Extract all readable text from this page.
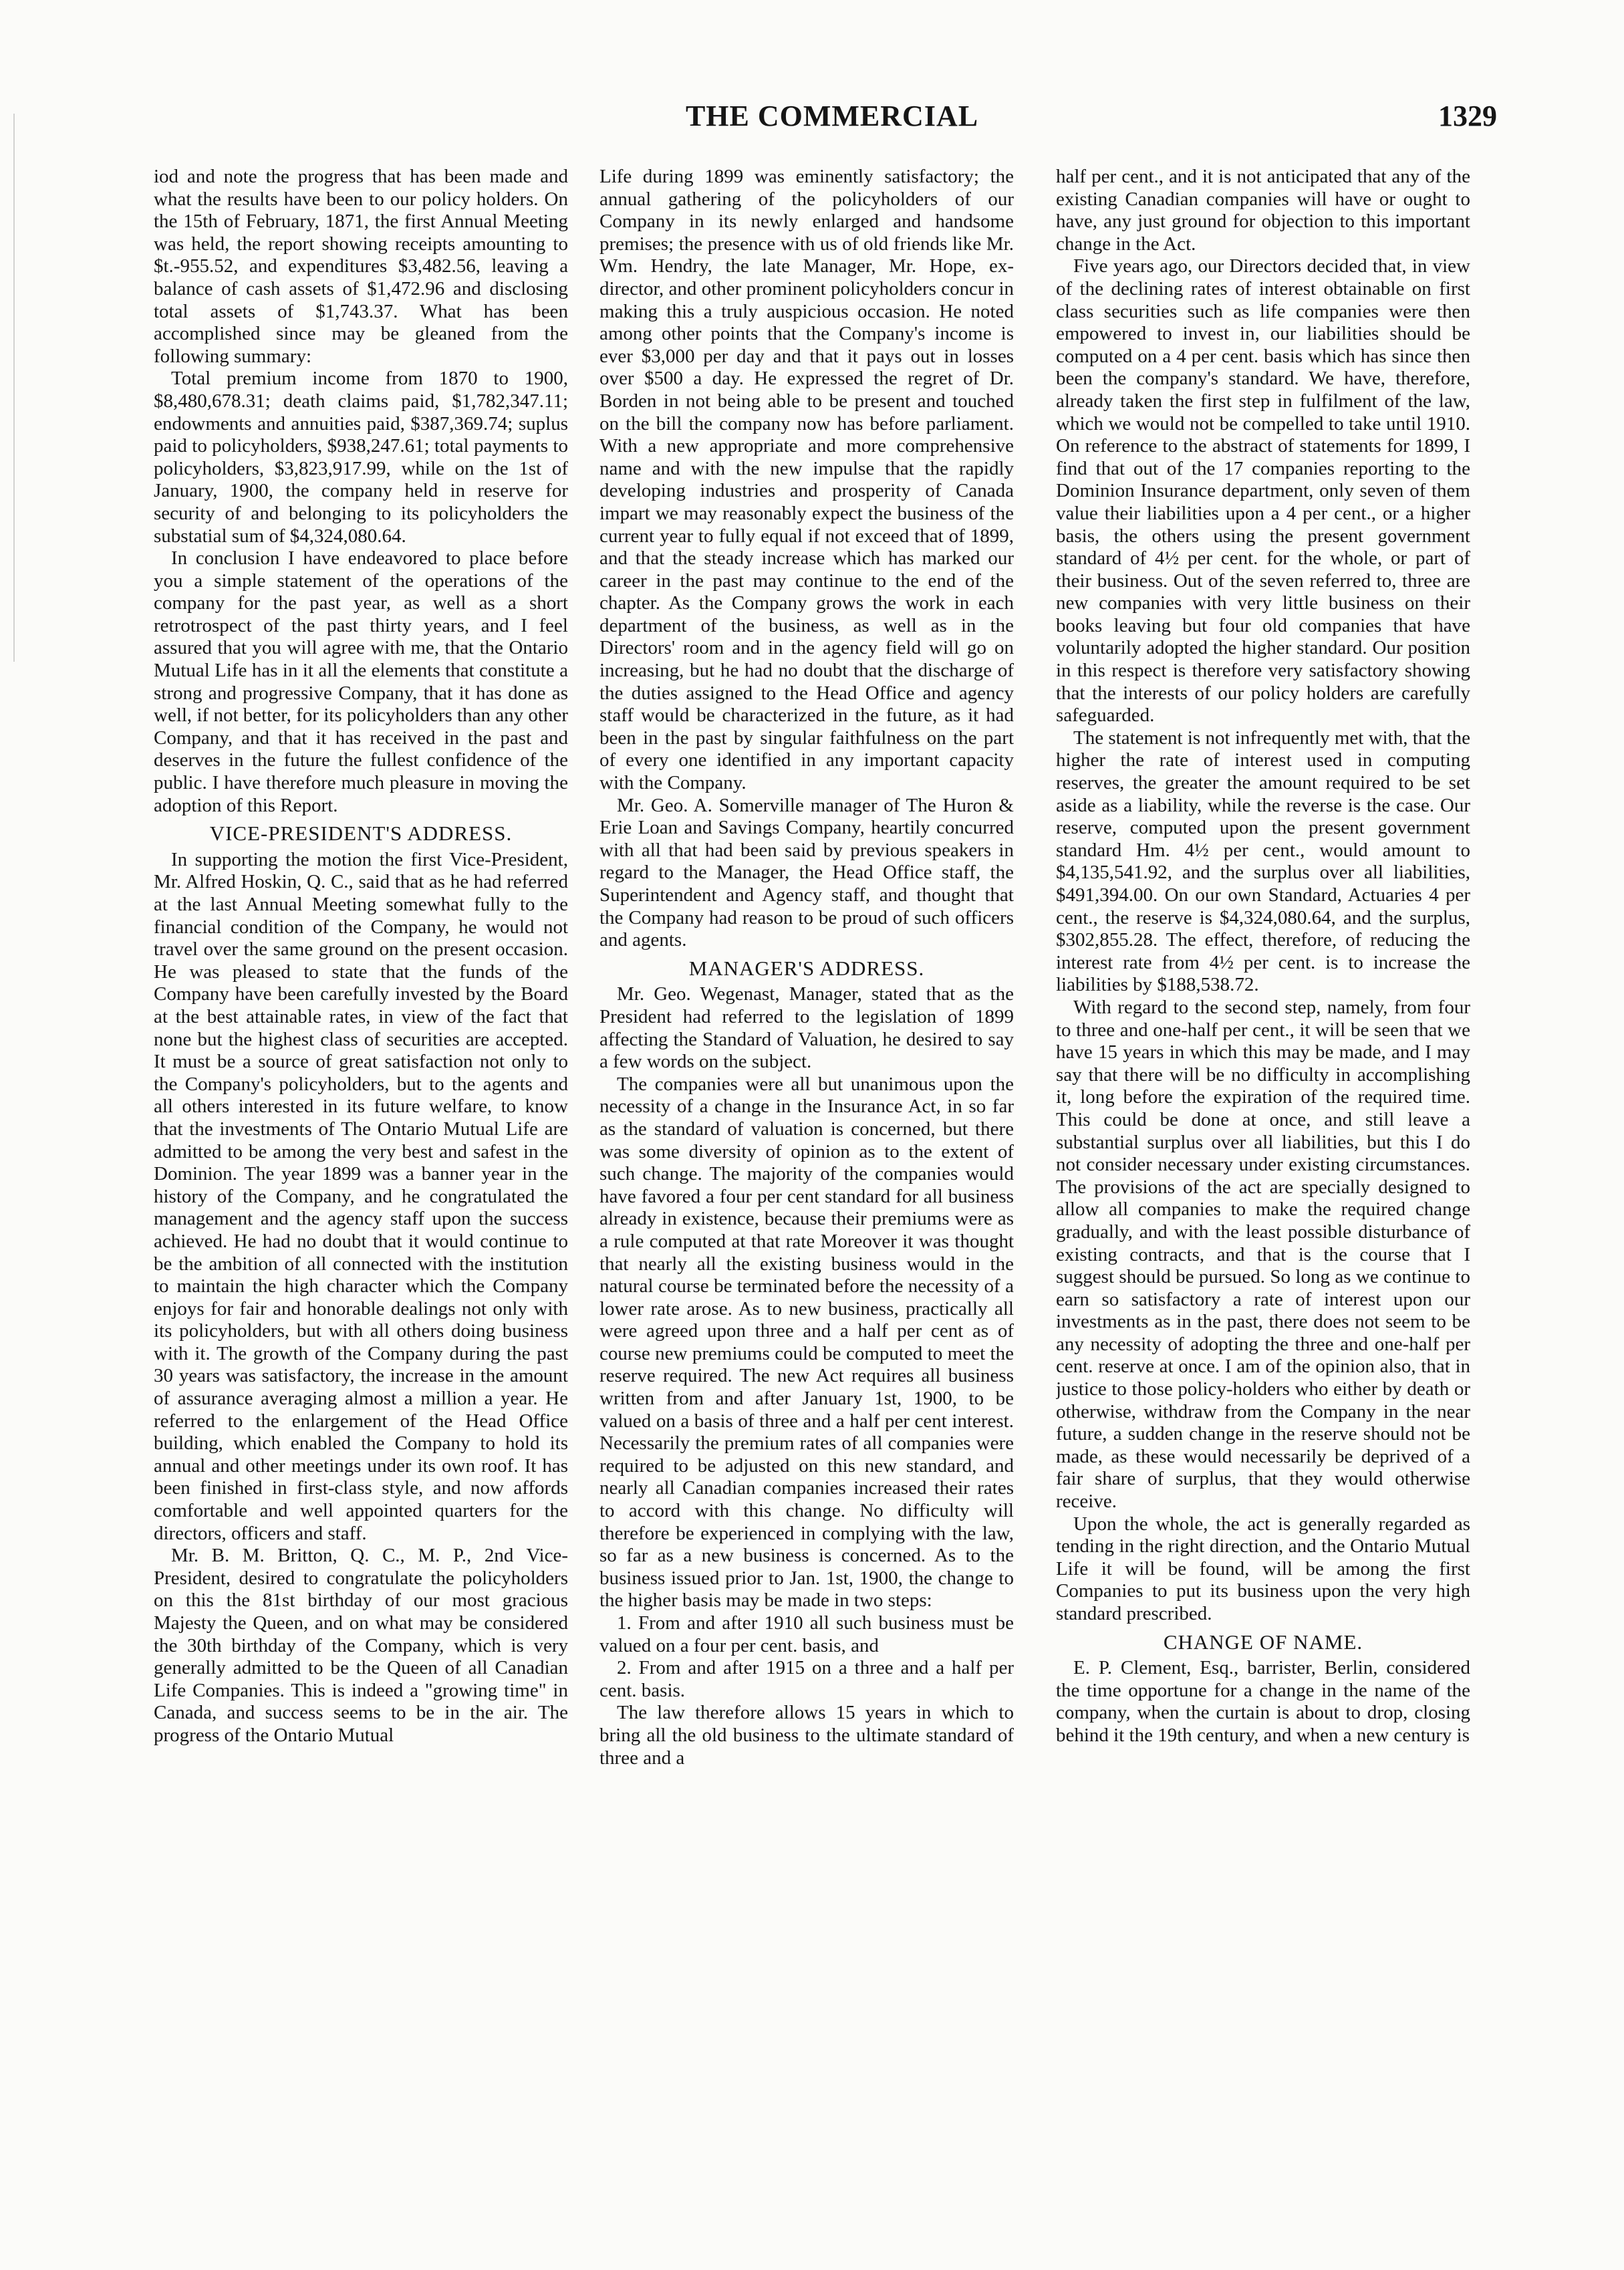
THE COMMERCIAL	1329

iod and note the progress that has been made and what the results have been to our policy holders. On the 15th of February, 1871, the first Annual Meeting was held, the report showing receipts amounting to $t.-955.52, and expenditures $3,482.56, leaving a balance of cash assets of $1,472.96 and disclosing total assets of $1,743.37. What has been accomplished since may be gleaned from the following summary:

Total premium income from 1870 to 1900, $8,480,678.31; death claims paid, $1,782,347.11; endowments and annuities paid, $387,369.74; suplus paid to policyholders, $938,247.61; total payments to policyholders, $3,823,917.99, while on the 1st of January, 1900, the company held in reserve for security of and belonging to its policyholders the substatial sum of $4,324,080.64.

In conclusion I have endeavored to place before you a simple statement of the operations of the company for the past year, as well as a short retrotrospect of the past thirty years, and I feel assured that you will agree with me, that the Ontario Mutual Life has in it all the elements that constitute a strong and progressive Company, that it has done as well, if not better, for its policyholders than any other Company, and that it has received in the past and deserves in the future the fullest confidence of the public. I have therefore much pleasure in moving the adoption of this Report.

VICE-PRESIDENT'S ADDRESS.

In supporting the motion the first Vice-President, Mr. Alfred Hoskin, Q. C., said that as he had referred at the last Annual Meeting somewhat fully to the financial condition of the Company, he would not travel over the same ground on the present occasion. He was pleased to state that the funds of the Company have been carefully invested by the Board at the best attainable rates, in view of the fact that none but the highest class of securities are accepted. It must be a source of great satisfaction not only to the Company's policyholders, but to the agents and all others interested in its future welfare, to know that the investments of The Ontario Mutual Life are admitted to be among the very best and safest in the Dominion. The year 1899 was a banner year in the history of the Company, and he congratulated the management and the agency staff upon the success achieved. He had no doubt that it would continue to be the ambition of all connected with the institution to maintain the high character which the Company enjoys for fair and honorable dealings not only with its policyholders, but with all others doing business with it. The growth of the Company during the past 30 years was satisfactory, the increase in the amount of assurance averaging almost a million a year. He referred to the enlargement of the Head Office building, which enabled the Company to hold its annual and other meetings under its own roof. It has been finished in first-class style, and now affords comfortable and well appointed quarters for the directors, officers and staff.

Mr. B. M. Britton, Q. C., M. P., 2nd Vice-President, desired to congratulate the policyholders on this the 81st birthday of our most gracious Majesty the Queen, and on what may be considered the 30th birthday of the Company, which is very generally admitted to be the Queen of all Canadian Life Companies. This is indeed a "growing time" in Canada, and success seems to be in the air. The progress of the Ontario Mutual

Life during 1899 was eminently satisfactory; the annual gathering of the policyholders of our Company in its newly enlarged and handsome premises; the presence with us of old friends like Mr. Wm. Hendry, the late Manager, Mr. Hope, ex-director, and other prominent policyholders concur in making this a truly auspicious occasion. He noted among other points that the Company's income is ever $3,000 per day and that it pays out in losses over $500 a day. He expressed the regret of Dr. Borden in not being able to be present and touched on the bill the company now has before parliament. With a new appropriate and more comprehensive name and with the new impulse that the rapidly developing industries and prosperity of Canada impart we may reasonably expect the business of the current year to fully equal if not exceed that of 1899, and that the steady increase which has marked our career in the past may continue to the end of the chapter. As the Company grows the work in each department of the business, as well as in the Directors' room and in the agency field will go on increasing, but he had no doubt that the discharge of the duties assigned to the Head Office and agency staff would be characterized in the future, as it had been in the past by singular faithfulness on the part of every one identified in any important capacity with the Company.

Mr. Geo. A. Somerville manager of The Huron & Erie Loan and Savings Company, heartily concurred with all that had been said by previous speakers in regard to the Manager, the Head Office staff, the Superintendent and Agency staff, and thought that the Company had reason to be proud of such officers and agents.

MANAGER'S ADDRESS.

Mr. Geo. Wegenast, Manager, stated that as the President had referred to the legislation of 1899 affecting the Standard of Valuation, he desired to say a few words on the subject.

The companies were all but unanimous upon the necessity of a change in the Insurance Act, in so far as the standard of valuation is concerned, but there was some diversity of opinion as to the extent of such change. The majority of the companies would have favored a four per cent standard for all business already in existence, because their premiums were as a rule computed at that rate Moreover it was thought that nearly all the existing business would in the natural course be terminated before the necessity of a lower rate arose. As to new business, practically all were agreed upon three and a half per cent as of course new premiums could be computed to meet the reserve required. The new Act requires all business written from and after January 1st, 1900, to be valued on a basis of three and a half per cent interest. Necessarily the premium rates of all companies were required to be adjusted on this new standard, and nearly all Canadian companies increased their rates to accord with this change. No difficulty will therefore be experienced in complying with the law, so far as a new business is concerned. As to the business issued prior to Jan. 1st, 1900, the change to the higher basis may be made in two steps:

1. From and after 1910 all such business must be valued on a four per cent. basis, and
2. From and after 1915 on a three and a half per cent. basis.

The law therefore allows 15 years in which to bring all the old business to the ultimate standard of three and a

half per cent., and it is not anticipated that any of the existing Canadian companies will have or ought to have, any just ground for objection to this important change in the Act.

Five years ago, our Directors decided that, in view of the declining rates of interest obtainable on first class securities such as life companies were then empowered to invest in, our liabilities should be computed on a 4 per cent. basis which has since then been the company's standard. We have, therefore, already taken the first step in fulfilment of the law, which we would not be compelled to take until 1910. On reference to the abstract of statements for 1899, I find that out of the 17 companies reporting to the Dominion Insurance department, only seven of them value their liabilities upon a 4 per cent., or a higher basis, the others using the present government standard of 4½ per cent. for the whole, or part of their business. Out of the seven referred to, three are new companies with very little business on their books leaving but four old companies that have voluntarily adopted the higher standard. Our position in this respect is therefore very satisfactory showing that the interests of our policy holders are carefully safeguarded.

The statement is not infrequently met with, that the higher the rate of interest used in computing reserves, the greater the amount required to be set aside as a liability, while the reverse is the case. Our reserve, computed upon the present government standard Hm. 4½ per cent., would amount to $4,135,541.92, and the surplus over all liabilities, $491,394.00. On our own Standard, Actuaries 4 per cent., the reserve is $4,324,080.64, and the surplus, $302,855.28. The effect, therefore, of reducing the interest rate from 4½ per cent. is to increase the liabilities by $188,538.72.

With regard to the second step, namely, from four to three and one-half per cent., it will be seen that we have 15 years in which this may be made, and I may say that there will be no difficulty in accomplishing it, long before the expiration of the required time. This could be done at once, and still leave a substantial surplus over all liabilities, but this I do not consider necessary under existing circumstances. The provisions of the act are specially designed to allow all companies to make the required change gradually, and with the least possible disturbance of existing contracts, and that is the course that I suggest should be pursued. So long as we continue to earn so satisfactory a rate of interest upon our investments as in the past, there does not seem to be any necessity of adopting the three and one-half per cent. reserve at once. I am of the opinion also, that in justice to those policy-holders who either by death or otherwise, withdraw from the Company in the near future, a sudden change in the reserve should not be made, as these would necessarily be deprived of a fair share of surplus, that they would otherwise receive.

Upon the whole, the act is generally regarded as tending in the right direction, and the Ontario Mutual Life it will be found, will be among the first Companies to put its business upon the very high standard prescribed.

CHANGE OF NAME.

E. P. Clement, Esq., barrister, Berlin, considered the time opportune for a change in the name of the company, when the curtain is about to drop, closing behind it the 19th century, and when a new century is
